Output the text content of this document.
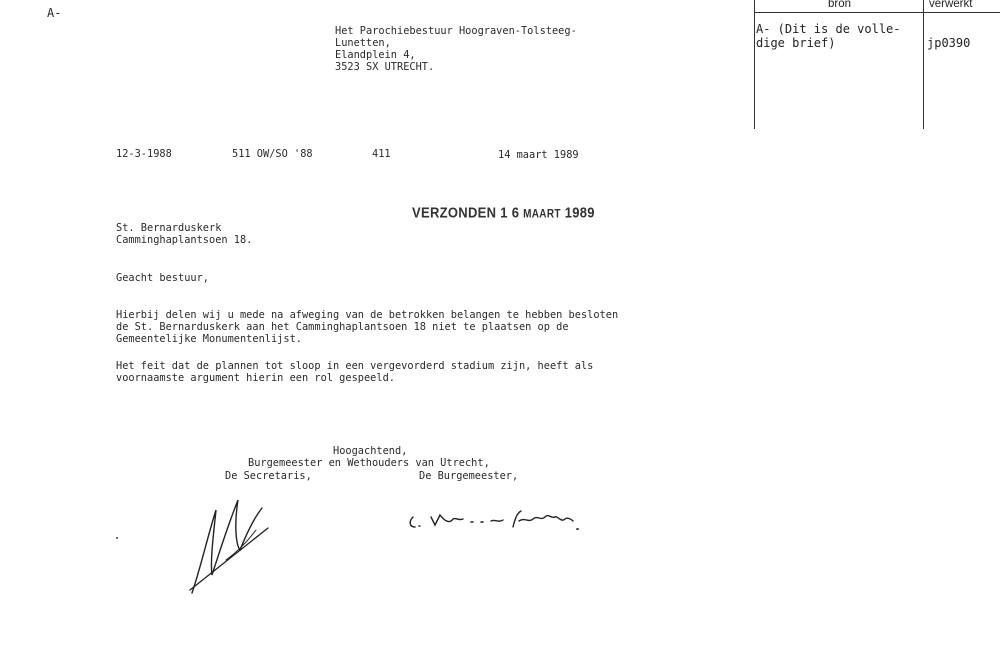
A-
bron	verwerkt
A- (Dit is de volle-
dige brief)	jp0390
Het Parochiebestuur Hoograven-Tolsteeg-
Lunetten,
Elandplein 4,
3523 SX UTRECHT.
12-3-1988	511 OW/SO '88	411	14 maart 1989
VERZONDEN 1 6 MAART 1989
St. Bernarduskerk
Camminghaplantsoen 18.
Geacht bestuur,
Hierbij delen wij u mede na afweging van de betrokken belangen te hebben besloten
de St. Bernarduskerk aan het Camminghaplantsoen 18 niet te plaatsen op de
Gemeentelijke Monumentenlijst.
Het feit dat de plannen tot sloop in een vergevorderd stadium zijn, heeft als
voornaamste argument hierin een rol gespeeld.
Hoogachtend,
Burgemeester en Wethouders van Utrecht,
De Secretaris,	De Burgemeester,
